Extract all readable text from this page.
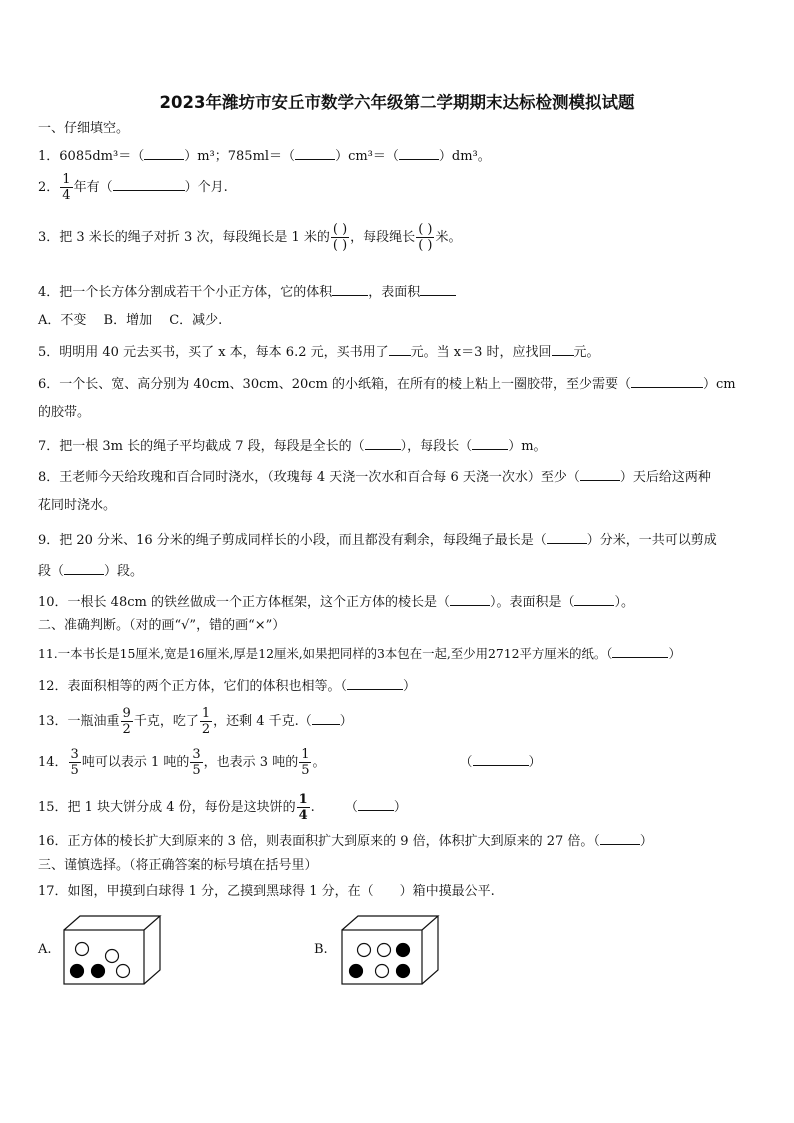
2023年潍坊市安丘市数学六年级第二学期期末达标检测模拟试题
一、仔细填空。
1．6085dm³＝（	）m³；785ml＝（	）cm³＝（	）dm³。
2． $\frac{1}{4}$ 年有（	）个月.
3．把 3 米长的绳子对折 3 次，每段绳长是 1 米的 $\frac{( )}{( )}$ ，每段绳长 $\frac{( )}{( )}$ 米。
4．把一个长方体分割成若干个小正方体，它的体积	，表面积
A．不变　 B．增加　 C．减少.
5．明明用 40 元去买书，买了 x 本，每本 6.2 元，买书用了 元。当 x＝3 时，应找回 元。
6．一个长、宽、高分别为 40cm、30cm、20cm 的小纸箱，在所有的棱上粘上一圈胶带，至少需要（	）cm
的胶带。
7．把一根 3m 长的绳子平均截成 7 段，每段是全长的（	），每段长（	）m。
8．王老师今天给玫瑰和百合同时浇水，（玫瑰每 4 天浇一次水和百合每 6 天浇一次水）至少（	）天后给这两种
花同时浇水。
9．把 20 分米、16 分米的绳子剪成同样长的小段，而且都没有剩余，每段绳子最长是（	）分米，一共可以剪成
段（	）段。
10．一根长 48cm 的铁丝做成一个正方体框架，这个正方体的棱长是（	）。表面积是（	）。
二、准确判断。（对的画“√”，错的画“×”）
11.一本书长是15厘米,宽是16厘米,厚是12厘米,如果把同样的3本包在一起,至少用2712平方厘米的纸。（	）
12．表面积相等的两个正方体，它们的体积也相等。（	）
13．一瓶油重 $\frac{9}{2}$ 千克，吃了 $\frac{1}{2}$ ，还剩 4 千克.（ ）
14． $\frac{3}{5}$ 吨可以表示 1 吨的 $\frac{3}{5}$ ，也表示 3 吨的 $\frac{1}{5}$ 。	（	）
15．把 1 块大饼分成 4 份，每份是这块饼的 $\frac{1}{4}$ . （	）
16．正方体的棱长扩大到原来的 3 倍，则表面积扩大到原来的 9 倍，体积扩大到原来的 27 倍。（	）
三、谨慎选择。（将正确答案的标号填在括号里）
17．如图，甲摸到白球得 1 分，乙摸到黑球得 1 分，在（ ）箱中摸最公平.
A.	B.
